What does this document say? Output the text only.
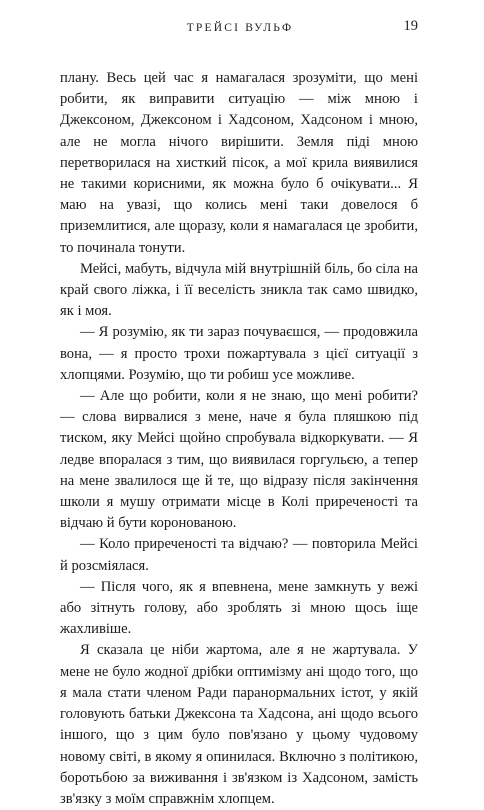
ТРЕЙСІ ВУЛЬФ	19

плану. Весь цей час я намагалася зрозуміти, що мені робити, як виправити ситуацію — між мною і Джексоном, Джексоном і Хадсоном, Хадсоном і мною, але не могла нічого вирішити. Земля піді мною перетворилася на хисткий пісок, а мої крила виявилися не такими корисними, як можна було б очікувати... Я маю на увазі, що колись мені таки довелося б приземлитися, але щоразу, коли я намагалася це зробити, то починала тонути.

Мейсі, мабуть, відчула мій внутрішній біль, бо сіла на край свого ліжка, і її веселість зникла так само швидко, як і моя.

— Я розумію, як ти зараз почуваєшся, — продовжила вона, — я просто трохи пожартувала з цієї ситуації з хлопцями. Розумію, що ти робиш усе можливе.

— Але що робити, коли я не знаю, що мені робити? — слова вирвалися з мене, наче я була пляшкою під тиском, яку Мейсі щойно спробувала відкоркувати. — Я ледве впоралася з тим, що виявилася горгульєю, а тепер на мене звалилося ще й те, що відразу після закінчення школи я мушу отримати місце в Колі приреченості та відчаю й бути коронованою.

— Коло приреченості та відчаю? — повторила Мейсі й розсміялася.

— Після чого, як я впевнена, мене замкнуть у вежі або зітнуть голову, або зроблять зі мною щось іще жахливіше.

Я сказала це ніби жартома, але я не жартувала. У мене не було жодної дрібки оптимізму ані щодо того, що я мала стати членом Ради паранормальних істот, у якій головують батьки Джексона та Хадсона, ані щодо всього іншого, що з цим було пов'язано у цьому чудовому новому світі, в якому я опинилася. Включно з політикою, боротьбою за виживання і зв'язком із Хадсоном, замість зв'язку з моїм справжнім хлопцем.
